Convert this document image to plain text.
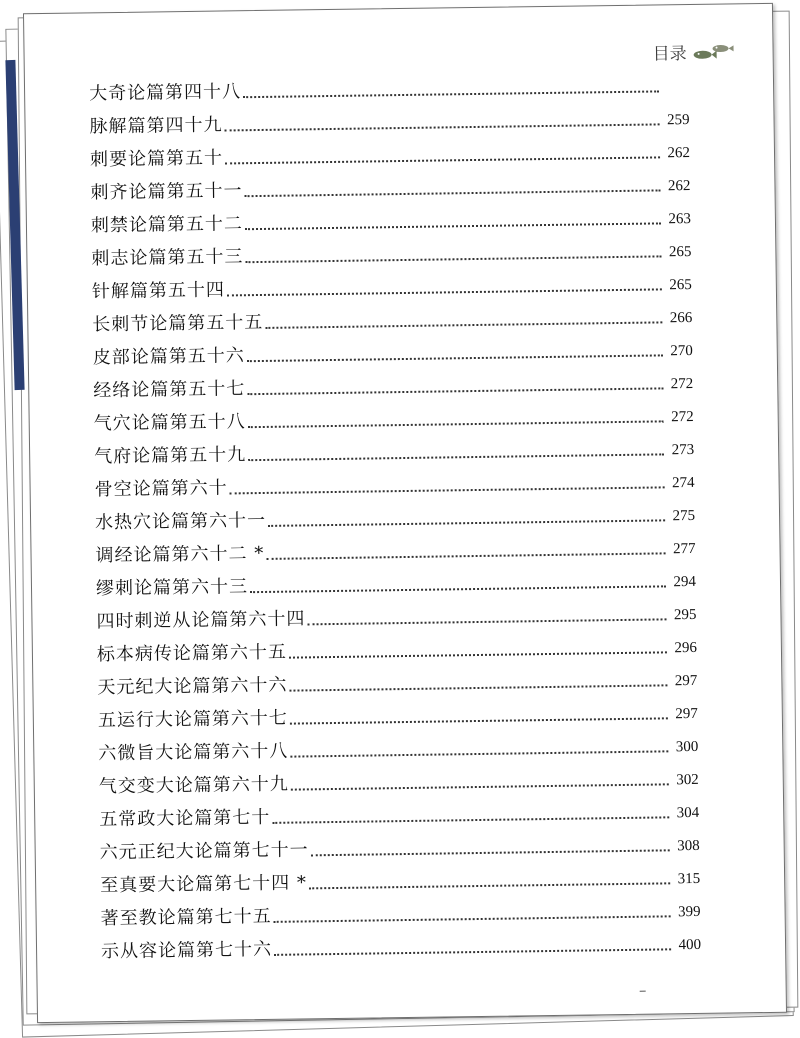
目录
大奇论篇第四十八
脉解篇第四十九	259
刺要论篇第五十	262
刺齐论篇第五十一	262
刺禁论篇第五十二	263
刺志论篇第五十三	265
针解篇第五十四	265
长刺节论篇第五十五	266
皮部论篇第五十六	270
经络论篇第五十七	272
气穴论篇第五十八	272
气府论篇第五十九	273
骨空论篇第六十	274
水热穴论篇第六十一	275
调经论篇第六十二 *	277
缪刺论篇第六十三	294
四时刺逆从论篇第六十四	295
标本病传论篇第六十五	296
天元纪大论篇第六十六	297
五运行大论篇第六十七	297
六微旨大论篇第六十八	300
气交变大论篇第六十九	302
五常政大论篇第七十	304
六元正纪大论篇第七十一	308
至真要大论篇第七十四 *	315
著至教论篇第七十五	399
示从容论篇第七十六	400
